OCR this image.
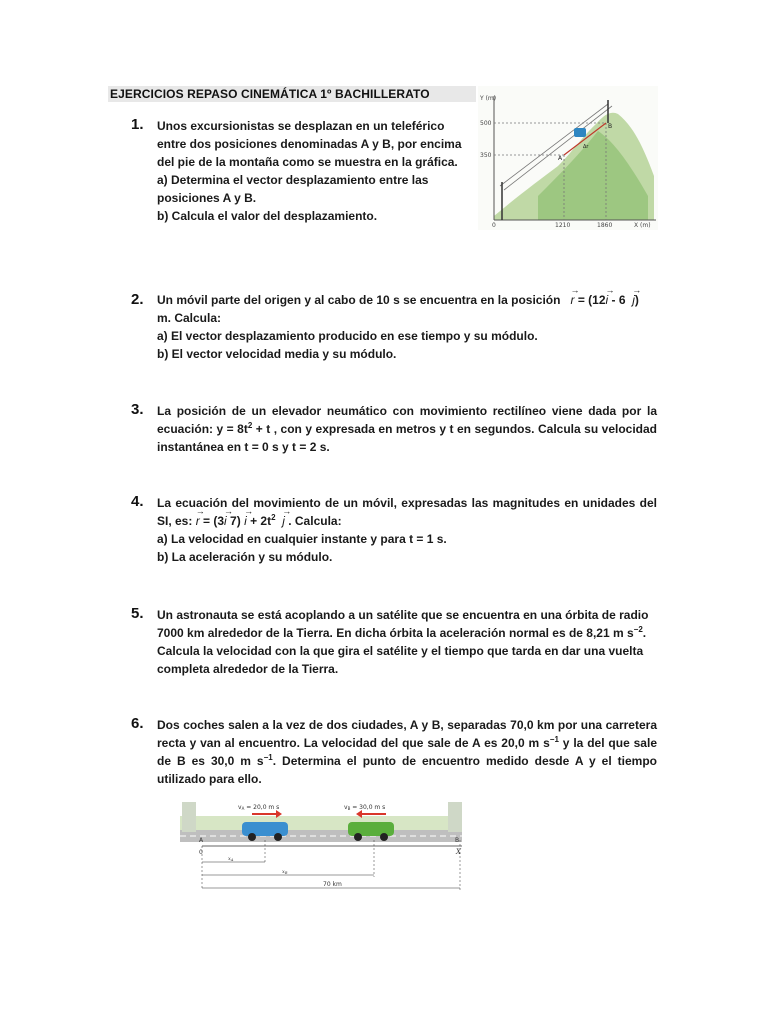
EJERCICIOS REPASO CINEMÁTICA 1º BACHILLERATO
1. Unos excursionistas se desplazan en un teleférico
entre dos posiciones denominadas A y B, por encima
del pie de la montaña como se muestra en la gráfica.
a) Determina el vector desplazamiento entre las
posiciones A y B.
b) Calcula el valor del desplazamiento.
Y (m)
500
350
0	1210	1860	X (m)
A
B
Δr
2. Un móvil parte del origen y al cabo de 10 s se encuentra en la posición → r = (12→ i - 6 → j)
m. Calcula:
a) El vector desplazamiento producido en ese tiempo y su módulo.
b) El vector velocidad media y su módulo.
3. La posición de un elevador neumático con movimiento rectilíneo viene dada por la
ecuación: $y = 8t^2 + t$ , con y expresada en metros y t en segundos. Calcula su velocidad
instantánea en t = 0 s y t = 2 s.
4. La ecuación del movimiento de un móvil, expresadas las magnitudes en unidades del
SI, es: → r = (3→ i $7) \to i + 2t^2 \to j$ . Calcula:
a) La velocidad en cualquier instante y para t = 1 s.
b) La aceleración y su módulo.
5. Un astronauta se está acoplando a un satélite que se encuentra en una órbita de radio
7000 km alrededor de la Tierra. En dicha órbita la aceleración normal es de 8,21 m $s^{-2}$.
Calcula la velocidad con la que gira el satélite y el tiempo que tarda en dar una vuelta
completa alrededor de la Tierra.
6. Dos coches salen a la vez de dos ciudades, A y B, separadas 70,0 km por una carretera
recta y van al encuentro. La velocidad del que sale de A es 20,0 m $s^{-1}$ y la del que sale
de B es 30,0 m $s^{-1}$. Determina el punto de encuentro medido desde A y el tiempo
utilizado para ello.
vA = 20,0 m s	vB = 30,0 m s
A	B
0	X
$x_A$
$x_B$
70 km
